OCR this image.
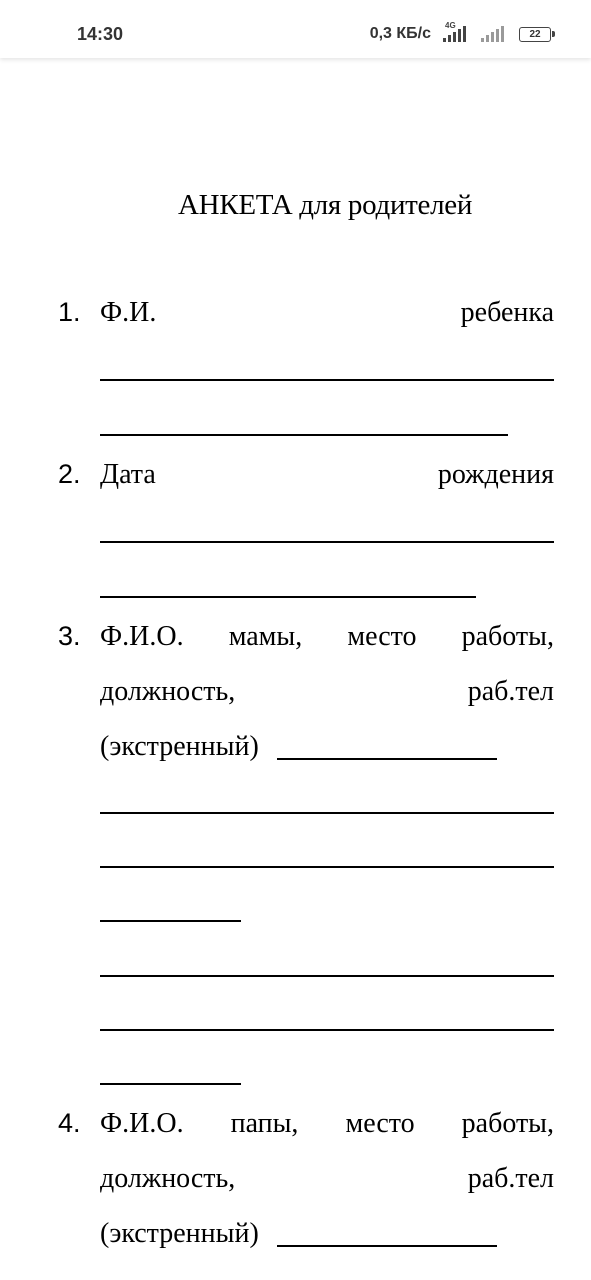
14:30	0,3 КБ/с 4G
22
АНКЕТА для родителей
1. Ф.И.	ребенка
2. Дата	рождения
3. Ф.И.О. мамы, место работы,
должность,	раб.тел
(экстренный)
4. Ф.И.О. папы, место работы,
должность,	раб.тел
(экстренный)
